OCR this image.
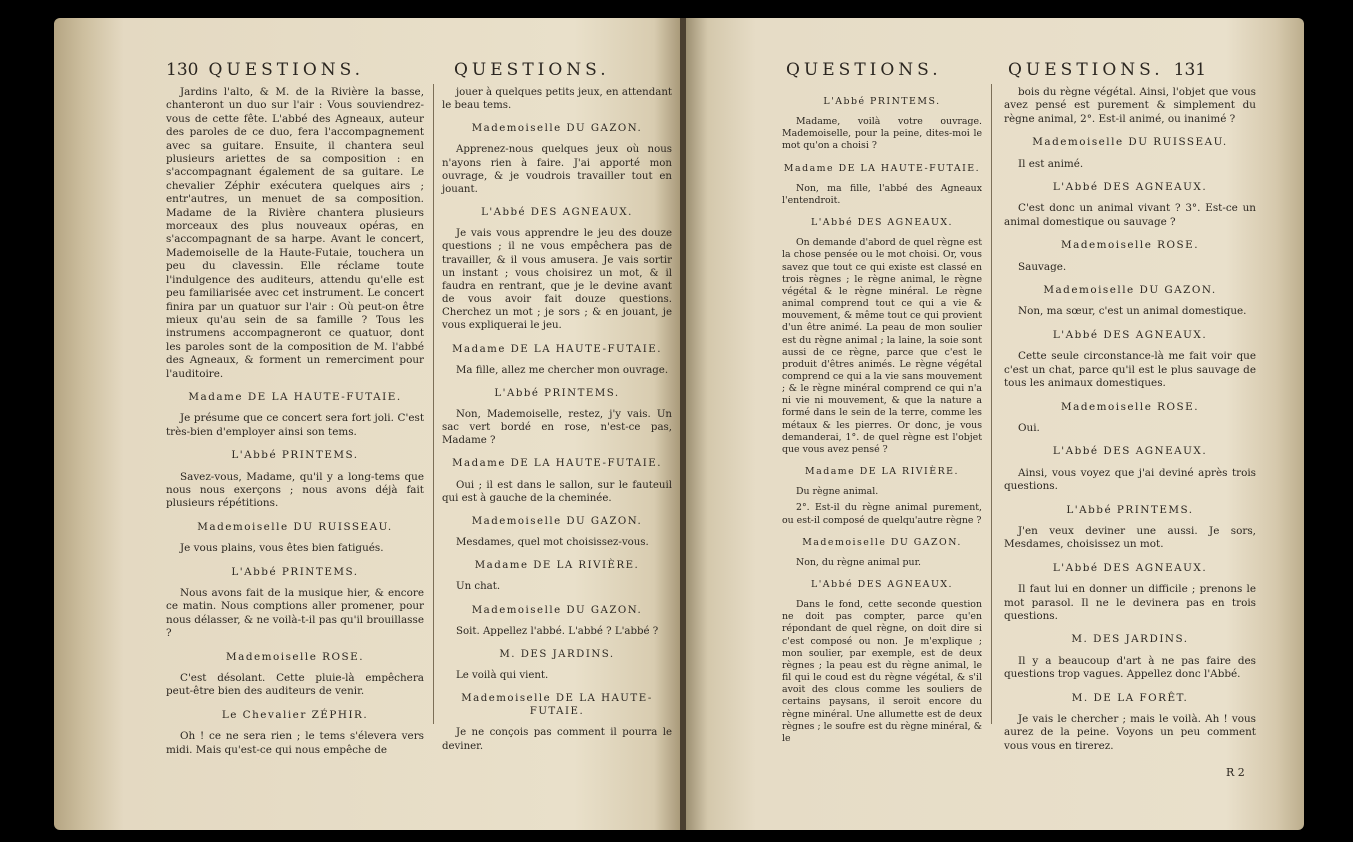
130 QUESTIONS.	QUESTIONS.
Jardins l'alto, & M. de la Rivière la basse, chanteront un duo sur l'air : Vous souviendrez-vous de cette fête. L'abbé des Agneaux, auteur des paroles de ce duo, fera l'accompagnement avec sa guitare. Ensuite, il chantera seul plusieurs ariettes de sa composition : en s'accompagnant également de sa guitare. Le chevalier Zéphir exécutera quelques airs ; entr'autres, un menuet de sa composition. Madame de la Rivière chantera plusieurs morceaux des plus nouveaux opéras, en s'accompagnant de sa harpe. Avant le concert, Mademoiselle de la Haute-Futaie, touchera un peu du clavessin. Elle réclame toute l'indulgence des auditeurs, attendu qu'elle est peu familiarisée avec cet instrument. Le concert finira par un quatuor sur l'air : Où peut-on être mieux qu'au sein de sa famille ? Tous les instrumens accompagneront ce quatuor, dont les paroles sont de la composition de M. l'abbé des Agneaux, & forment un remerciment pour l'auditoire.
Madame DE LA HAUTE-FUTAIE.
Je présume que ce concert sera fort joli. C'est très-bien d'employer ainsi son tems.
L'Abbé PRINTEMS.
Savez-vous, Madame, qu'il y a long-tems que nous nous exerçons ; nous avons déjà fait plusieurs répétitions.
Mademoiselle DU RUISSEAU.
Je vous plains, vous êtes bien fatigués.
L'Abbé PRINTEMS.
Nous avons fait de la musique hier, & encore ce matin. Nous comptions aller promener, pour nous délasser, & ne voilà-t-il pas qu'il brouillasse ?
Mademoiselle ROSE.
C'est désolant. Cette pluie-là empêchera peut-être bien des auditeurs de venir.
Le Chevalier ZÉPHIR.
Oh ! ce ne sera rien ; le tems s'élevera vers midi. Mais qu'est-ce qui nous empêche de
jouer à quelques petits jeux, en attendant le beau tems.
Mademoiselle DU GAZON.
Apprenez-nous quelques jeux où nous n'ayons rien à faire. J'ai apporté mon ouvrage, & je voudrois travailler tout en jouant.
L'Abbé DES AGNEAUX.
Je vais vous apprendre le jeu des douze questions ; il ne vous empêchera pas de travailler, & il vous amusera. Je vais sortir un instant ; vous choisirez un mot, & il faudra en rentrant, que je le devine avant de vous avoir fait douze questions. Cherchez un mot ; je sors ; & en jouant, je vous expliquerai le jeu.
Madame DE LA HAUTE-FUTAIE.
Ma fille, allez me chercher mon ouvrage.
L'Abbé PRINTEMS.
Non, Mademoiselle, restez, j'y vais. Un sac vert bordé en rose, n'est-ce pas, Madame ?
Madame DE LA HAUTE-FUTAIE.
Oui ; il est dans le sallon, sur le fauteuil qui est à gauche de la cheminée.
Mademoiselle DU GAZON.
Mesdames, quel mot choisissez-vous.
Madame DE LA RIVIÈRE.
Un chat.
Mademoiselle DU GAZON.
Soit. Appellez l'abbé. L'abbé ? L'abbé ?
M. DES JARDINS.
Le voilà qui vient.
Mademoiselle DE LA HAUTE-FUTAIE.
Je ne conçois pas comment il pourra le deviner.
QUESTIONS.	QUESTIONS. 131
L'Abbé PRINTEMS.
Madame, voilà votre ouvrage. Mademoiselle, pour la peine, dites-moi le mot qu'on a choisi ?
Madame DE LA HAUTE-FUTAIE.
Non, ma fille, l'abbé des Agneaux l'entendroit.
L'Abbé DES AGNEAUX.
On demande d'abord de quel règne est la chose pensée ou le mot choisi. Or, vous savez que tout ce qui existe est classé en trois règnes ; le règne animal, le règne végétal & le règne minéral. Le règne animal comprend tout ce qui a vie & mouvement, & même tout ce qui provient d'un être animé. La peau de mon soulier est du règne animal ; la laine, la soie sont aussi de ce règne, parce que c'est le produit d'êtres animés. Le règne végétal comprend ce qui a la vie sans mouvement ; & le règne minéral comprend ce qui n'a ni vie ni mouvement, & que la nature a formé dans le sein de la terre, comme les métaux & les pierres. Or donc, je vous demanderai, 1°. de quel règne est l'objet que vous avez pensé ?
Madame DE LA RIVIÈRE.
Du règne animal.
2°. Est-il du règne animal purement, ou est-il composé de quelqu'autre règne ?
Mademoiselle DU GAZON.
Non, du règne animal pur.
L'Abbé DES AGNEAUX.
Dans le fond, cette seconde question ne doit pas compter, parce qu'en répondant de quel règne, on doit dire si c'est composé ou non. Je m'explique ; mon soulier, par exemple, est de deux règnes ; la peau est du règne animal, le fil qui le coud est du règne végétal, & s'il avoit des clous comme les souliers de certains paysans, il seroit encore du règne minéral. Une allumette est de deux règnes ; le soufre est du règne minéral, & le
bois du règne végétal. Ainsi, l'objet que vous avez pensé est purement & simplement du règne animal, 2°. Est-il animé, ou inanimé ?
Mademoiselle DU RUISSEAU.
Il est animé.
L'Abbé DES AGNEAUX.
C'est donc un animal vivant ? 3°. Est-ce un animal domestique ou sauvage ?
Mademoiselle ROSE.
Sauvage.
Mademoiselle DU GAZON.
Non, ma sœur, c'est un animal domestique.
L'Abbé DES AGNEAUX.
Cette seule circonstance-là me fait voir que c'est un chat, parce qu'il est le plus sauvage de tous les animaux domestiques.
Mademoiselle ROSE.
Oui.
L'Abbé DES AGNEAUX.
Ainsi, vous voyez que j'ai deviné après trois questions.
L'Abbé PRINTEMS.
J'en veux deviner une aussi. Je sors, Mesdames, choisissez un mot.
L'Abbé DES AGNEAUX.
Il faut lui en donner un difficile ; prenons le mot parasol. Il ne le devinera pas en trois questions.
M. DES JARDINS.
Il y a beaucoup d'art à ne pas faire des questions trop vagues. Appellez donc l'Abbé.
M. DE LA FORÊT.
Je vais le chercher ; mais le voilà. Ah ! vous aurez de la peine. Voyons un peu comment vous vous en tirerez.
R 2
